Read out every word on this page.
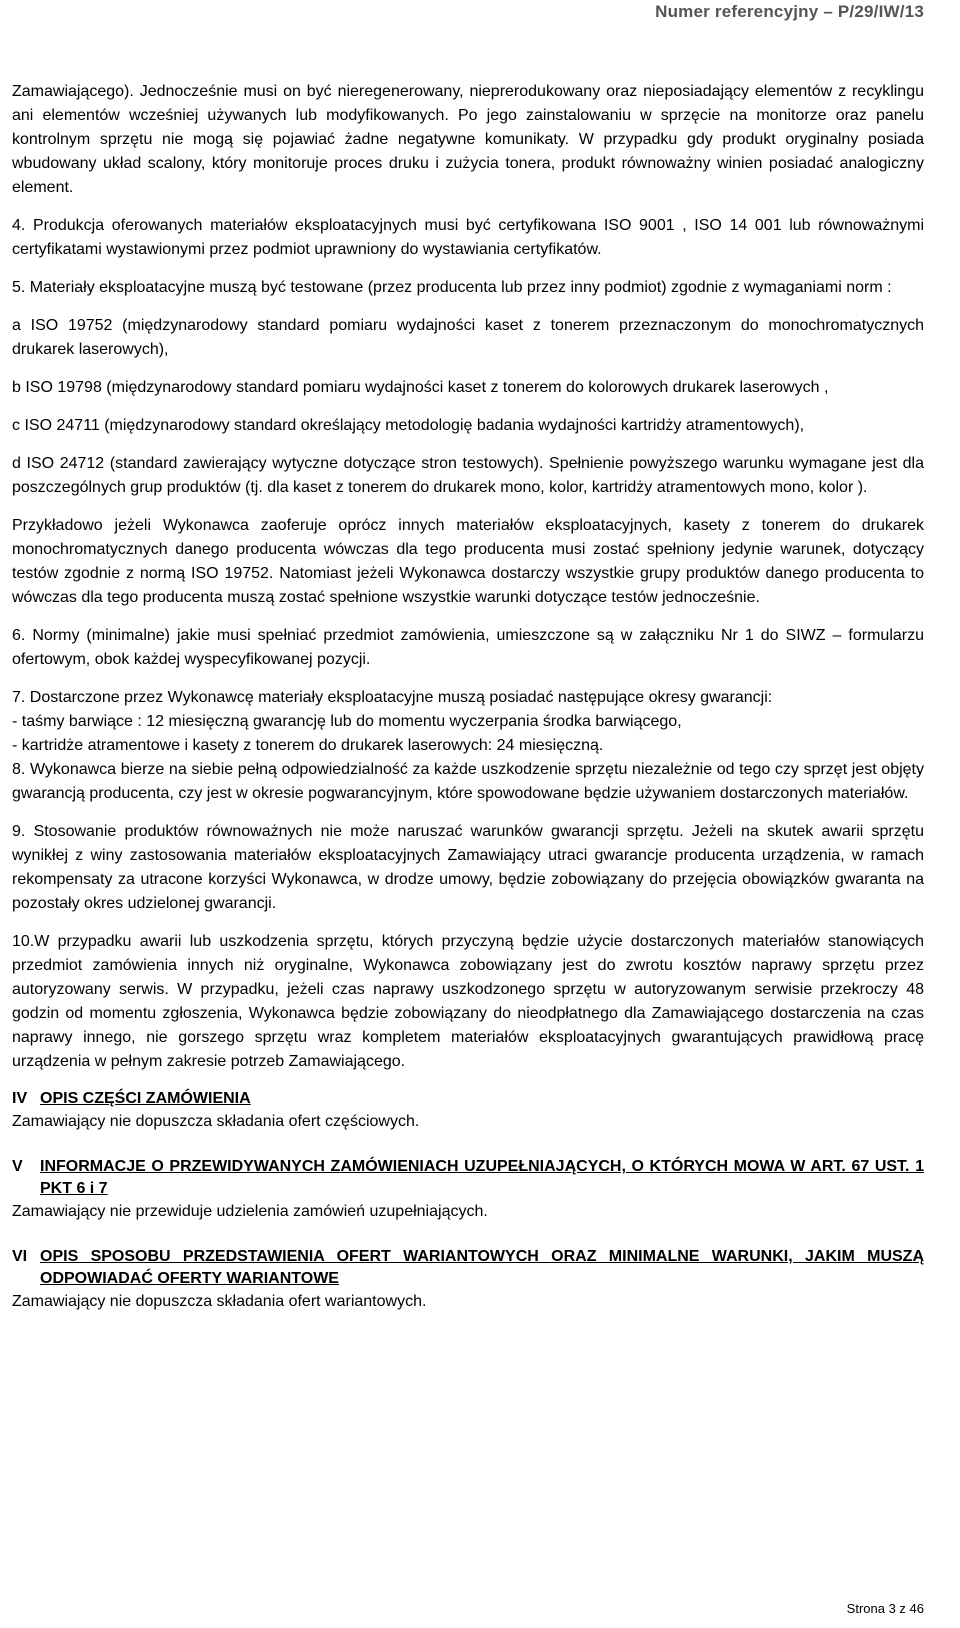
Numer referencyjny – P/29/IW/13

Zamawiającego). Jednocześnie musi on być nieregenerowany, nieprerodukowany oraz nieposiadający elementów z recyklingu ani elementów wcześniej używanych lub modyfikowanych. Po jego zainstalowaniu w sprzęcie na monitorze oraz panelu kontrolnym sprzętu nie mogą się pojawiać żadne negatywne komunikaty. W przypadku gdy produkt oryginalny posiada wbudowany układ scalony, który monitoruje proces druku i zużycia tonera, produkt równoważny winien posiadać analogiczny element.

4. Produkcja oferowanych materiałów eksploatacyjnych musi być certyfikowana ISO 9001 , ISO 14 001 lub równoważnymi certyfikatami wystawionymi przez podmiot uprawniony do wystawiania certyfikatów.

5. Materiały eksploatacyjne muszą być testowane (przez producenta lub przez inny podmiot) zgodnie z wymaganiami norm :

a ISO 19752 (międzynarodowy standard pomiaru wydajności kaset z tonerem przeznaczonym do monochromatycznych drukarek laserowych),

b ISO 19798 (międzynarodowy standard pomiaru wydajności kaset z tonerem do kolorowych drukarek laserowych ,

c ISO 24711 (międzynarodowy standard określający metodologię badania wydajności kartridży atramentowych),

d ISO 24712 (standard zawierający wytyczne dotyczące stron testowych). Spełnienie powyższego warunku wymagane jest dla poszczególnych grup produktów (tj. dla kaset z tonerem do drukarek mono, kolor, kartridży atramentowych mono, kolor ).

Przykładowo jeżeli Wykonawca zaoferuje oprócz innych materiałów eksploatacyjnych, kasety z tonerem do drukarek monochromatycznych danego producenta wówczas dla tego producenta musi zostać spełniony jedynie warunek, dotyczący testów zgodnie z normą ISO 19752. Natomiast jeżeli Wykonawca dostarczy wszystkie grupy produktów danego producenta to wówczas dla tego producenta muszą zostać spełnione wszystkie warunki dotyczące testów jednocześnie.

6. Normy (minimalne) jakie musi spełniać przedmiot zamówienia, umieszczone są w załączniku Nr 1 do SIWZ – formularzu ofertowym, obok każdej wyspecyfikowanej pozycji.

7. Dostarczone przez Wykonawcę materiały eksploatacyjne muszą posiadać następujące okresy gwarancji:

- taśmy barwiące : 12 miesięczną gwarancję lub do momentu wyczerpania środka barwiącego,

- kartridże atramentowe i kasety z tonerem do drukarek laserowych: 24 miesięczną.

8. Wykonawca bierze na siebie pełną odpowiedzialność za każde uszkodzenie sprzętu niezależnie od tego czy sprzęt jest objęty gwarancją producenta, czy jest w okresie pogwarancyjnym, które spowodowane będzie używaniem dostarczonych materiałów.

9. Stosowanie produktów równoważnych nie może naruszać warunków gwarancji sprzętu. Jeżeli na skutek awarii sprzętu wynikłej z winy zastosowania materiałów eksploatacyjnych Zamawiający utraci gwarancje producenta urządzenia, w ramach rekompensaty za utracone korzyści Wykonawca, w drodze umowy, będzie zobowiązany do przejęcia obowiązków gwaranta na pozostały okres udzielonej gwarancji.

10.W przypadku awarii lub uszkodzenia sprzętu, których przyczyną będzie użycie dostarczonych materiałów stanowiących przedmiot zamówienia innych niż oryginalne, Wykonawca zobowiązany jest do zwrotu kosztów naprawy sprzętu przez autoryzowany serwis. W przypadku, jeżeli czas naprawy uszkodzonego sprzętu w autoryzowanym serwisie przekroczy 48 godzin od momentu zgłoszenia, Wykonawca będzie zobowiązany do nieodpłatnego dla Zamawiającego dostarczenia na czas naprawy innego, nie gorszego sprzętu wraz kompletem materiałów eksploatacyjnych gwarantujących prawidłową pracę urządzenia w pełnym zakresie potrzeb Zamawiającego.

IV OPIS CZĘŚCI ZAMÓWIENIA

Zamawiający nie dopuszcza składania ofert częściowych.

V	INFORMACJE O PRZEWIDYWANYCH ZAMÓWIENIACH UZUPEŁNIAJĄCYCH, O KTÓRYCH MOWA W ART. 67 UST. 1 PKT 6 i 7

Zamawiający nie przewiduje udzielenia zamówień uzupełniających.

VI OPIS SPOSOBU PRZEDSTAWIENIA OFERT WARIANTOWYCH ORAZ MINIMALNE WARUNKI, JAKIM MUSZĄ ODPOWIADAĆ OFERTY WARIANTOWE

Zamawiający nie dopuszcza składania ofert wariantowych.

Strona 3 z 46
